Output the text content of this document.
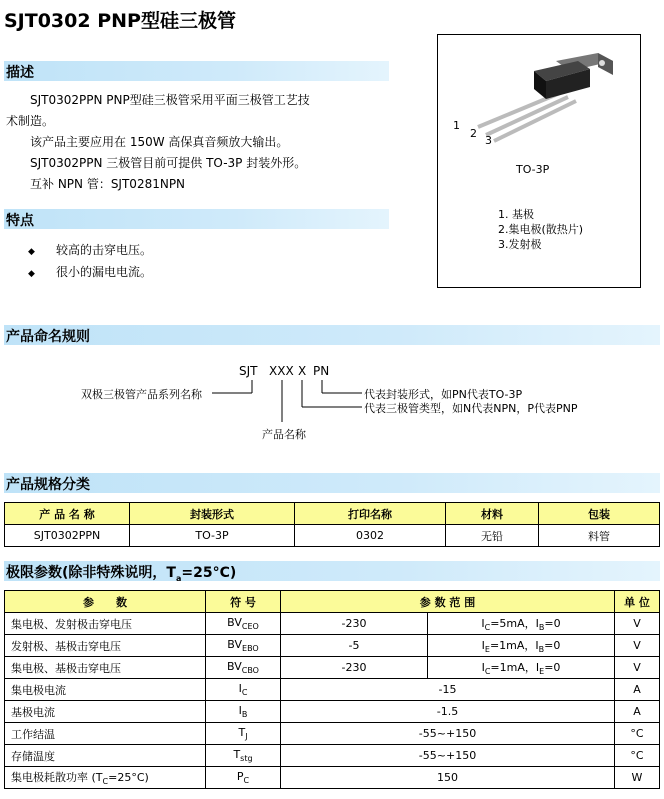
SJT0302 PNP型硅三极管
描述
SJT0302PPN PNP型硅三极管采用平面三极管工艺技
术制造。
该产品主要应用在 150W 高保真音频放大输出。
SJT0302PPN 三极管目前可提供 TO-3P 封装外形。
互补 NPN 管：SJT0281NPN
特点
◆ 较高的击穿电压。
◆ 很小的漏电电流。
1
2
3
TO-3P
1. 基极
2.集电极(散热片)
3.发射极
产品命名规则
SJT XXX X PN
双极三极管产品系列名称	代表封装形式，如PN代表TO-3P
代表三极管类型，如N代表NPN，P代表PNP
产品名称
产品规格分类
产 品 名 称	封装形式	打印名称	材料	包装
SJT0302PPN	TO-3P	0302	无铅	料管
极限参数(除非特殊说明，$T_a=25^\circ C$)
参　　数	符 号	参 数 范 围		单 位
集电极、发射极击穿电压	$BV_{CEO}$	-230	$I_C=5mA$，$I_B=0$	V
发射极、基极击穿电压	$BV_{EBO}$	-5	$I_E=1mA$，$I_B=0$	V
集电极、基极击穿电压	$BV_{CBO}$	-230	$I_C=1mA$，$I_E=0$	V
集电极电流	$I_C$	-15		A
基极电流	$I_B$	-1.5		A
工作结温	$T_J$	-55~+150		°C
存储温度	$T_{stg}$	-55~+150		°C
集电极耗散功率 $(T_C=25^\circ C)$	$P_C$	150		W
